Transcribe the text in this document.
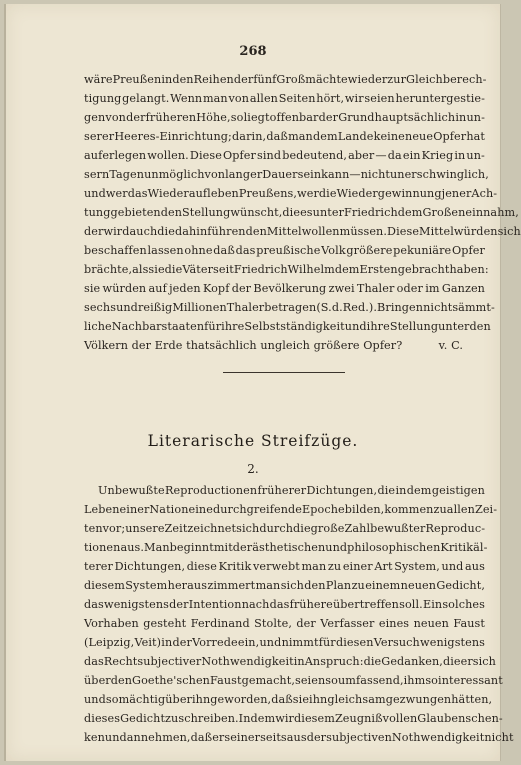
268
wäre Preußen in den Reihen der fünf Großmächte wieder zur Gleichberech-
tigung gelangt. Wenn man von allen Seiten hört, wir seien heruntergestie-
gen von der früheren Höhe, so liegt offenbar der Grund hauptsächlich in un-
serer Heeres-Einrichtung; darin, daß man dem Lande keine neue Opfer hat
auferlegen wollen. Diese Opfer sind bedeutend, aber — da ein Krieg in un-
sern Tagen unmöglich von langer Dauer sein kann — nicht unerschwinglich,
und wer das Wiederaufleben Preußens, wer die Wiedergewinnung jener Ach-
tung gebietenden Stellung wünscht, die es unter Friedrich dem Großen einnahm,
der wird auch die dahin führenden Mittel wollen müssen. Diese Mittel würden sich
beschaffen lassen ohne daß das preußische Volk größere pekuniäre Opfer
brächte, als sie die Väter seit Friedrich Wilhelm dem Ersten gebracht haben:
sie würden auf jeden Kopf der Bevölkerung zwei Thaler oder im Ganzen
sechsundreißig Millionen Thaler betragen (S. d. Red.). Bringen nicht sämmt-
liche Nachbarstaaten für ihre Selbstständigkeit und ihre Stellung unter den
Völkern der Erde thatsächlich ungleich größere Opfer?	v. C.
Literarische Streifzüge.
2.
Unbewußte Reproductionen früherer Dichtungen, die in dem geistigen
Leben einer Nation eine durchgreifende Epoche bilden, kommen zu allen Zei-
ten vor; unsere Zeit zeichnet sich durch die große Zahl bewußter Reproduc-
tionen aus. Man beginnt mit der ästhetischen und philosophischen Kritik äl-
terer Dichtungen, diese Kritik verwebt man zu einer Art System, und aus
diesem System heraus zimmert man sich den Plan zu einem neuen Gedicht,
das wenigstens der Intention nach das frühere übertreffen soll. Ein solches
Vorhaben gesteht Ferdinand Stolte, der Verfasser eines neuen Faust
(Leipzig, Veit) in der Vorrede ein, und nimmt für diesen Versuch wenigstens
das Recht subjectiver Nothwendigkeit in Anspruch: die Gedanken, die er sich
über den Goethe'schen Faust gemacht, seien so umfassend, ihm so interessant
und so mächtig über ihn geworden, daß sie ihn gleichsam gezwungen hätten,
dieses Gedicht zu schreiben. Indem wir diesem Zeugniß vollen Glauben schen-
ken und annehmen, daß er seinerseits aus der subjectiven Nothwendigkeit nicht
